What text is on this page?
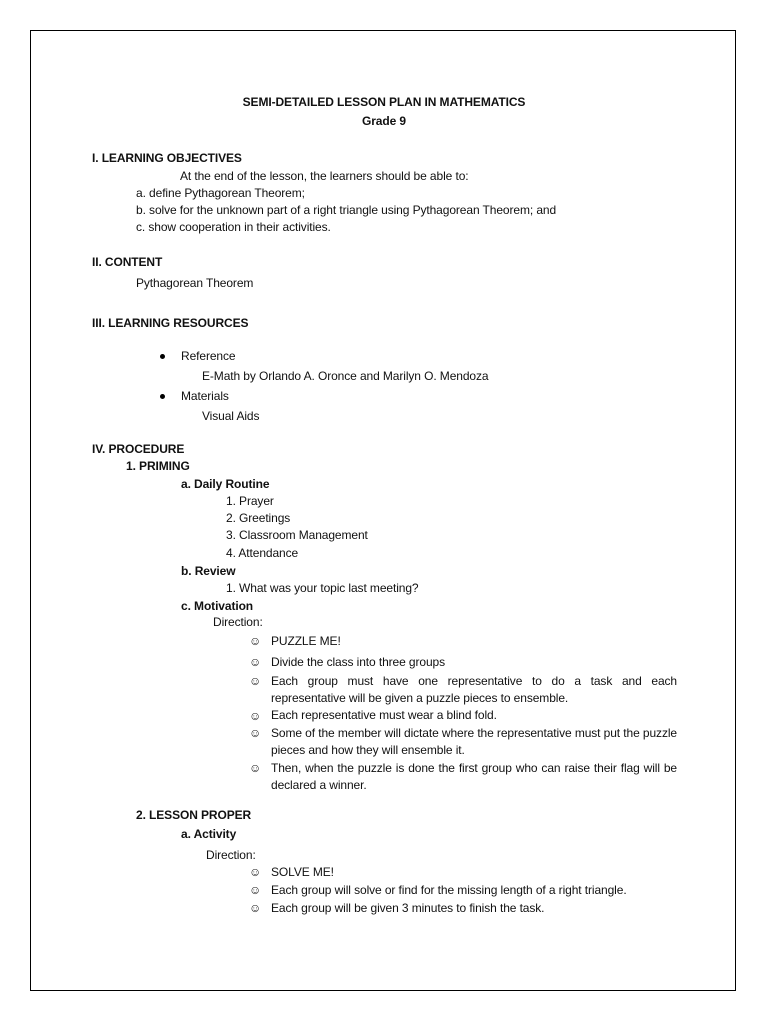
SEMI-DETAILED LESSON PLAN IN MATHEMATICS
Grade 9
I. LEARNING OBJECTIVES
At the end of the lesson, the learners should be able to:
a. define Pythagorean Theorem;
b. solve for the unknown part of a right triangle using Pythagorean Theorem; and
c. show cooperation in their activities.
II. CONTENT
Pythagorean Theorem
III. LEARNING RESOURCES
Reference
E-Math by Orlando A. Oronce and Marilyn O. Mendoza
Materials
Visual Aids
IV. PROCEDURE
1. PRIMING
a. Daily Routine
1. Prayer
2. Greetings
3. Classroom Management
4. Attendance
b. Review
1. What was your topic last meeting?
c. Motivation
Direction:
☺ PUZZLE ME!
☺ Divide the class into three groups
☺ Each group must have one representative to do a task and each representative will be given a puzzle pieces to ensemble.
☺ Each representative must wear a blind fold.
☺ Some of the member will dictate where the representative must put the puzzle pieces and how they will ensemble it.
☺ Then, when the puzzle is done the first group who can raise their flag will be declared a winner.
2. LESSON PROPER
a. Activity
Direction:
☺ SOLVE ME!
☺ Each group will solve or find for the missing length of a right triangle.
☺ Each group will be given 3 minutes to finish the task.
